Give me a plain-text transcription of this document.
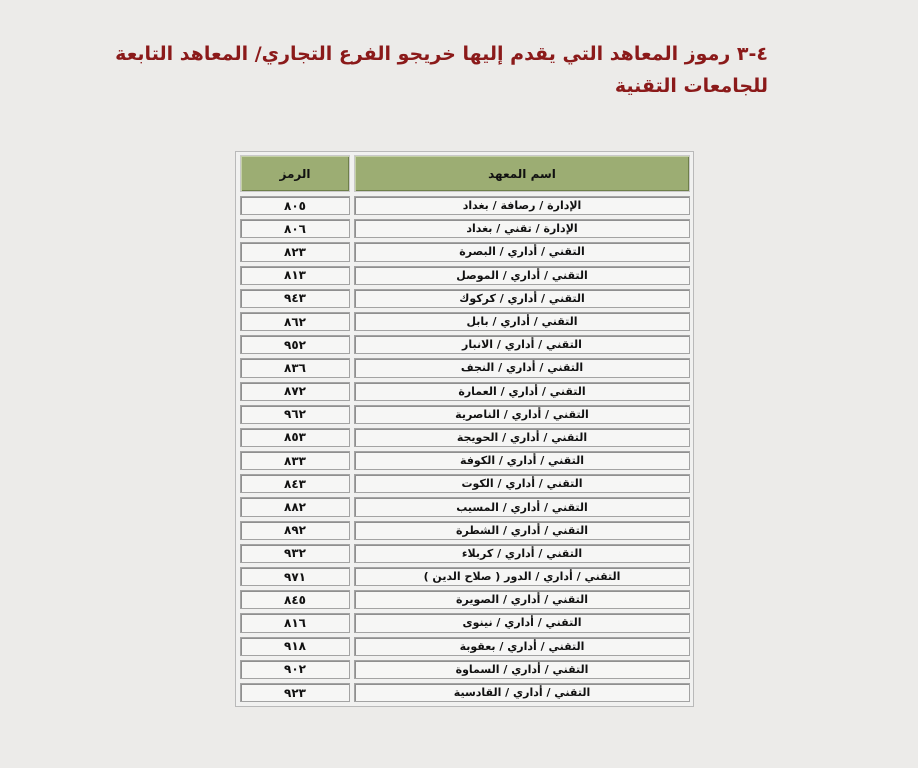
٤-٣ رموز المعاهد التي يقدم إليها خريجو الفرع التجاري/ المعاهد التابعة
للجامعات التقنية
اسم المعهد
الرمز
الإدارة / رصافة / بغداد
٨٠٥
الإدارة / تقني / بغداد
٨٠٦
التقني / أداري / البصرة
٨٢٣
التقني / أداري / الموصل
٨١٣
التقني / أداري / كركوك
٩٤٣
التقني / أداري / بابل
٨٦٢
التقني / أداري / الانبار
٩٥٢
التقني / أداري / النجف
٨٣٦
التقني / أداري / العمارة
٨٧٢
التقني / أداري / الناصرية
٩٦٢
التقني / أداري / الحويجة
٨٥٣
التقني / أداري / الكوفة
٨٣٣
التقني / أداري / الكوت
٨٤٣
التقني / أداري / المسيب
٨٨٢
التقني / أداري / الشطرة
٨٩٢
التقني / أداري / كربلاء
٩٣٢
التقني / أداري / الدور ( صلاح الدين )
٩٧١
التقني / أداري / الصويرة
٨٤٥
التقني / أداري / نينوى
٨١٦
التقني / أداري / بعقوبة
٩١٨
التقني / أداري / السماوة
٩٠٢
التقني / أداري / القادسية
٩٢٣
